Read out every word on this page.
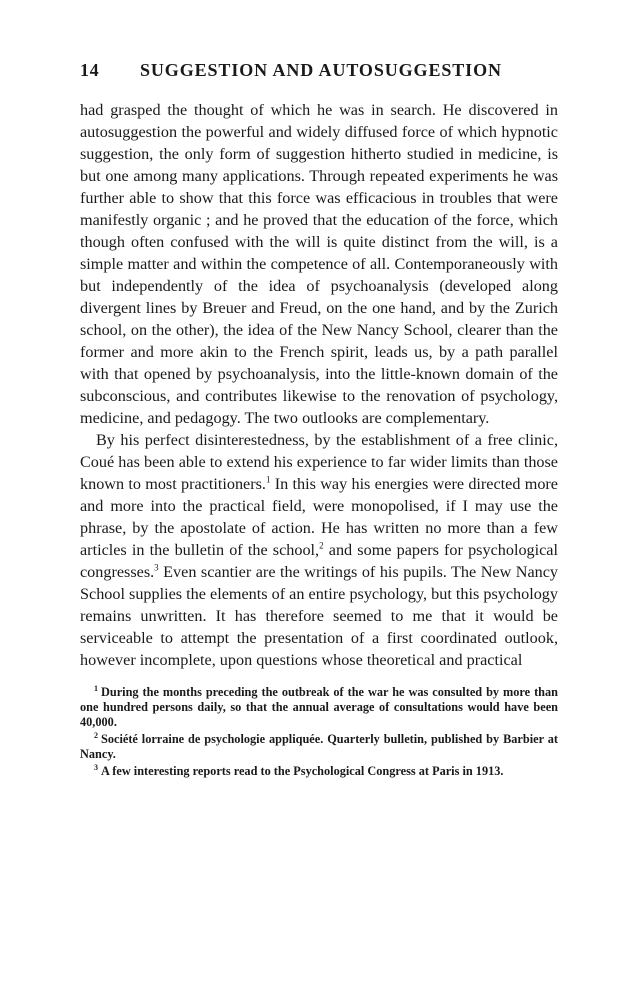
14	SUGGESTION AND AUTOSUGGESTION

had grasped the thought of which he was in search. He discovered in autosuggestion the powerful and widely diffused force of which hypnotic suggestion, the only form of suggestion hitherto studied in medicine, is but one among many applications. Through repeated experiments he was further able to show that this force was efficacious in troubles that were manifestly organic ; and he proved that the education of the force, which though often confused with the will is quite distinct from the will, is a simple matter and within the competence of all. Contemporaneously with but independently of the idea of psychoanalysis (developed along divergent lines by Breuer and Freud, on the one hand, and by the Zurich school, on the other), the idea of the New Nancy School, clearer than the former and more akin to the French spirit, leads us, by a path parallel with that opened by psychoanalysis, into the little-known domain of the subconscious, and contributes likewise to the renovation of psychology, medicine, and pedagogy. The two outlooks are complementary.

By his perfect disinterestedness, by the establishment of a free clinic, Coué has been able to extend his experience to far wider limits than those known to most practitioners.$^1$ In this way his energies were directed more and more into the practical field, were monopolised, if I may use the phrase, by the apostolate of action. He has written no more than a few articles in the bulletin of the school,$^2$ and some papers for psychological congresses.$^3$ Even scantier are the writings of his pupils. The New Nancy School supplies the elements of an entire psychology, but this psychology remains unwritten. It has therefore seemed to me that it would be serviceable to attempt the presentation of a first coordinated outlook, however incomplete, upon questions whose theoretical and practical

$^1$ During the months preceding the outbreak of the war he was consulted by more than one hundred persons daily, so that the annual average of consultations would have been 40,000.

$^2$ Société lorraine de psychologie appliquée. Quarterly bulletin, published by Barbier at Nancy.

$^3$ A few interesting reports read to the Psychological Congress at Paris in 1913.
